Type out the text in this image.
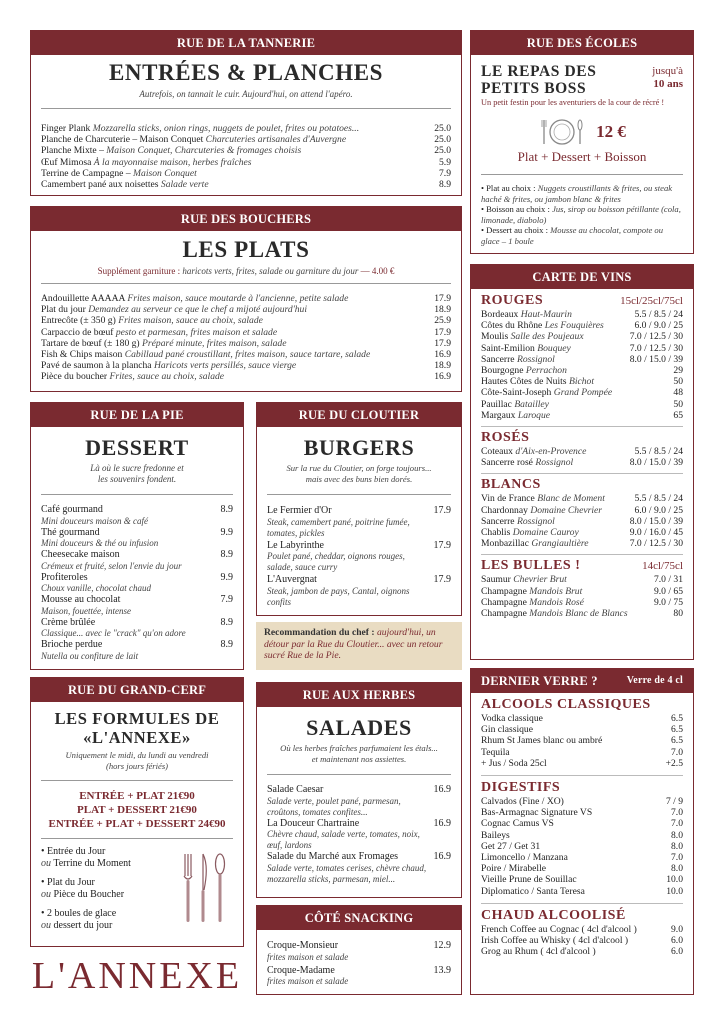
RUE DE LA TANNERIE
ENTRÉES & PLANCHES
Autrefois, on tannait le cuir. Aujourd'hui, on attend l'apéro.
Finger Plank Mozzarella sticks, onion rings, nuggets de poulet, frites ou potatoes...	25.0
Planche de Charcuterie – Maison Conquet Charcuteries artisanales d'Auvergne	25.0
Planche Mixte – Maison Conquet, Charcuteries & fromages choisis	25.0
Œuf Mimosa À la mayonnaise maison, herbes fraîches	5.9
Terrine de Campagne – Maison Conquet	7.9
Camembert pané aux noisettes Salade verte	8.9
RUE DES BOUCHERS
LES PLATS
Supplément garniture : haricots verts, frites, salade ou garniture du jour — 4.00 €
Andouillette AAAAA Frites maison, sauce moutarde à l'ancienne, petite salade	17.9
Plat du jour Demandez au serveur ce que le chef a mijoté aujourd'hui	18.9
Entrecôte (± 350 g) Frites maison, sauce au choix, salade	25.9
Carpaccio de bœuf pesto et parmesan, frites maison et salade	17.9
Tartare de bœuf (± 180 g) Préparé minute, frites maison, salade	17.9
Fish & Chips maison Cabillaud pané croustillant, frites maison, sauce tartare, salade	16.9
Pavé de saumon à la plancha Haricots verts persillés, sauce vierge	18.9
Pièce du boucher Frites, sauce au choix, salade	16.9
RUE DES ÉCOLES
LE REPAS DES
PETITS BOSS
jusqu'à
10 ans
Un petit festin pour les aventuriers de la cour de récré !
12 €
Plat + Dessert + Boisson
• Plat au choix : Nuggets croustillants & frites, ou steak haché & frites, ou jambon blanc & frites
• Boisson au choix : Jus, sirop ou boisson pétillante (cola, limonade, diabolo)
• Dessert au choix : Mousse au chocolat, compote ou glace – 1 boule
CARTE DE VINS
ROUGES	15cl/25cl/75cl
Bordeaux Haut-Maurin	5.5 / 8.5 / 24
Côtes du Rhône Les Fouquières	6.0 / 9.0 / 25
Moulis Salle des Poujeaux	7.0 / 12.5 / 30
Saint-Emilion Bouquey	7.0 / 12.5 / 30
Sancerre Rossignol	8.0 / 15.0 / 39
Bourgogne Perrachon	29
Hautes Côtes de Nuits Bichot	50
Côte-Saint-Joseph Grand Pompée	48
Pauillac Batailley	50
Margaux Laroque	65
ROSÉS
Coteaux d'Aix-en-Provence	5.5 / 8.5 / 24
Sancerre rosé Rossignol	8.0 / 15.0 / 39
BLANCS
Vin de France Blanc de Moment	5.5 / 8.5 / 24
Chardonnay Domaine Chevrier	6.0 / 9.0 / 25
Sancerre Rossignol	8.0 / 15.0 / 39
Chablis Domaine Cauroy	9.0 / 16.0 / 45
Monbazillac Grangiaultière	7.0 / 12.5 / 30
LES BULLES !	14cl/75cl
Saumur Chevrier Brut	7.0 / 31
Champagne Mandois Brut	9.0 / 65
Champagne Mandois Rosé	9.0 / 75
Champagne Mandois Blanc de Blancs	80
RUE DE LA PIE
DESSERT
Là où le sucre fredonne et
les souvenirs fondent.
Café gourmand	8.9
Mini douceurs maison & café
Thé gourmand	9.9
Mini douceurs & thé ou infusion
Cheesecake maison	8.9
Crémeux et fruité, selon l'envie du jour
Profiteroles	9.9
Choux vanille, chocolat chaud
Mousse au chocolat	7.9
Maison, fouettée, intense
Crème brûlée	8.9
Classique... avec le "crack" qu'on adore
Brioche perdue	8.9
Nutella ou confiture de lait
RUE DU CLOUTIER
BURGERS
Sur la rue du Cloutier, on forge toujours...
mais avec des buns bien dorés.
Le Fermier d'Or	17.9
Steak, camembert pané, poitrine fumée, tomates, pickles
Le Labyrinthe	17.9
Poulet pané, cheddar, oignons rouges, salade, sauce curry
L'Auvergnat	17.9
Steak, jambon de pays, Cantal, oignons confits
Recommandation du chef : aujourd'hui, un détour par la Rue du Cloutier... avec un retour sucré Rue de la Pie.
RUE DU GRAND-CERF
LES FORMULES DE
«L'ANNEXE»
Uniquement le midi, du lundi au vendredi
(hors jours fériés)
ENTRÉE + PLAT 21€90
PLAT + DESSERT 21€90
ENTRÉE + PLAT + DESSERT 24€90
• Entrée du Jour
ou Terrine du Moment
• Plat du Jour
ou Pièce du Boucher
• 2 boules de glace
ou dessert du jour
RUE AUX HERBES
SALADES
Où les herbes fraîches parfumaient les étals...
et maintenant nos assiettes.
Salade Caesar	16.9
Salade verte, poulet pané, parmesan, croûtons, tomates confites...
La Douceur Chartraine	16.9
Chèvre chaud, salade verte, tomates, noix, œuf, lardons
Salade du Marché aux Fromages	16.9
Salade verte, tomates cerises, chèvre chaud, mozzarella sticks, parmesan, miel...
CÔTÉ SNACKING
Croque-Monsieur	12.9
frites maison et salade
Croque-Madame	13.9
frites maison et salade
DERNIER VERRE ?	Verre de 4 cl
ALCOOLS CLASSIQUES
Vodka classique	6.5
Gin classique	6.5
Rhum St James blanc ou ambré	6.5
Tequila	7.0
+ Jus / Soda 25cl	+2.5
DIGESTIFS
Calvados (Fine / XO)	7 / 9
Bas-Armagnac Signature VS	7.0
Cognac Camus VS	7.0
Baileys	8.0
Get 27 / Get 31	8.0
Limoncello / Manzana	7.0
Poire / Mirabelle	8.0
Vieille Prune de Souillac	10.0
Diplomatico / Santa Teresa	10.0
CHAUD ALCOOLISÉ
French Coffee au Cognac ( 4cl d'alcool )	9.0
Irish Coffee au Whisky ( 4cl d'alcool )	6.0
Grog au Rhum ( 4cl d'alcool )	6.0
L'ANNEXE
